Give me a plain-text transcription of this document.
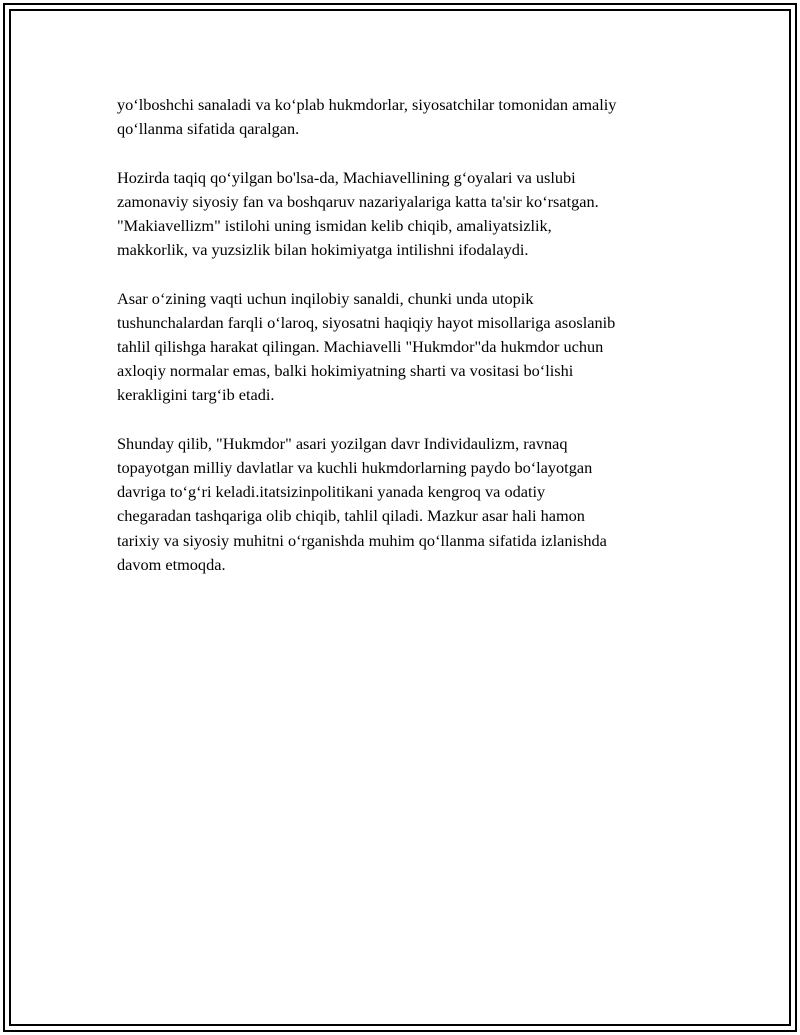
yo‘lboshchi sanaladi va ko‘plab hukmdorlar, siyosatchilar tomonidan amaliy
qo‘llanma sifatida qaralgan.

Hozirda taqiq qo‘yilgan bo'lsa-da, Machiavellining g‘oyalari va uslubi
zamonaviy siyosiy fan va boshqaruv nazariyalariga katta ta'sir ko‘rsatgan.
"Makiavellizm" istilohi uning ismidan kelib chiqib, amaliyatsizlik,
makkorlik, va yuzsizlik bilan hokimiyatga intilishni ifodalaydi.

Asar o‘zining vaqti uchun inqilobiy sanaldi, chunki unda utopik
tushunchalardan farqli o‘laroq, siyosatni haqiqiy hayot misollariga asoslanib
tahlil qilishga harakat qilingan. Machiavelli "Hukmdor"da hukmdor uchun
axloqiy normalar emas, balki hokimiyatning sharti va vositasi bo‘lishi
kerakligini targ‘ib etadi.

Shunday qilib, "Hukmdor" asari yozilgan davr Individaulizm, ravnaq
topayotgan milliy davlatlar va kuchli hukmdorlarning paydo bo‘layotgan
davriga to‘g‘ri keladi.itatsizinpolitikani yanada kengroq va odatiy
chegaradan tashqariga olib chiqib, tahlil qiladi. Mazkur asar hali hamon
tarixiy va siyosiy muhitni o‘rganishda muhim qo‘llanma sifatida izlanishda
davom etmoqda.
